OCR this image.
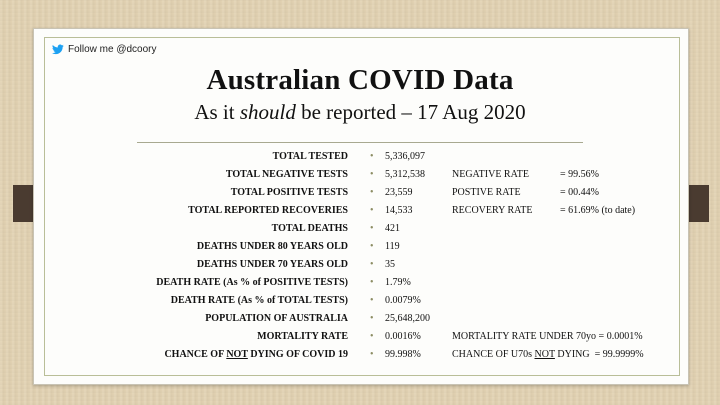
Follow me @dcoory
Australian COVID Data
As it should be reported – 17 Aug 2020
TOTAL TESTED • 5,336,097
TOTAL NEGATIVE TESTS • 5,312,538	NEGATIVE RATE	= 99.56%
TOTAL POSITIVE TESTS • 23,559	POSTIVE RATE	= 00.44%
TOTAL REPORTED RECOVERIES • 14,533	RECOVERY RATE	= 61.69% (to date)
TOTAL DEATHS • 421
DEATHS UNDER 80 YEARS OLD • 119
DEATHS UNDER 70 YEARS OLD • 35
DEATH RATE (As % of POSITIVE TESTS) • 1.79%
DEATH RATE (As % of TOTAL TESTS) • 0.0079%
POPULATION OF AUSTRALIA • 25,648,200
MORTALITY RATE • 0.0016%	MORTALITY RATE UNDER 70yo = 0.0001%
CHANCE OF NOT DYING OF COVID 19 • 99.998%	CHANCE OF U70s NOT DYING  = 99.9999%
